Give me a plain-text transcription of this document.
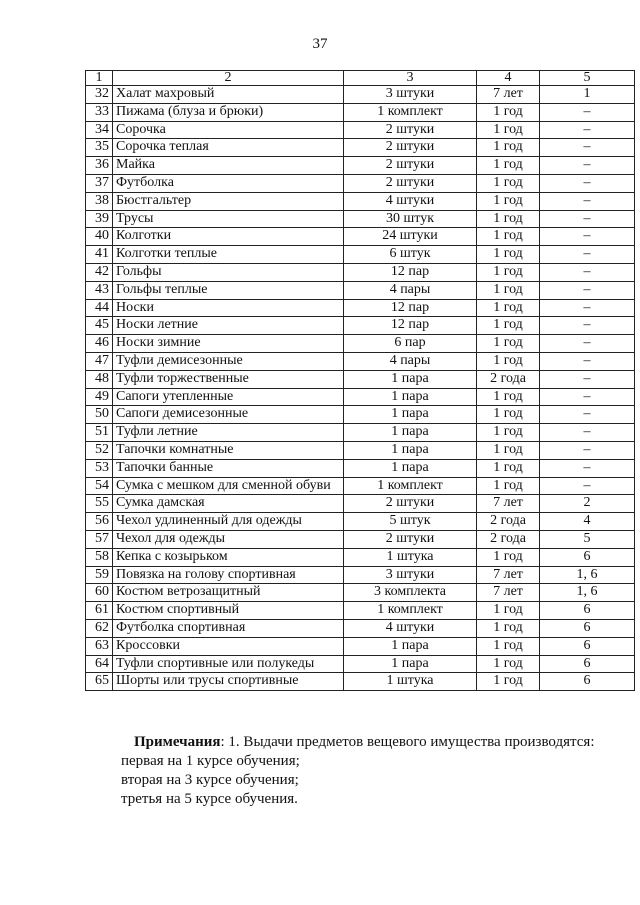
37
1	2	3	4	5
32	Халат махровый	3 штуки	7 лет	1
33	Пижама (блуза и брюки)	1 комплект	1 год	–
34	Сорочка	2 штуки	1 год	–
35	Сорочка теплая	2 штуки	1 год	–
36	Майка	2 штуки	1 год	–
37	Футболка	2 штуки	1 год	–
38	Бюстгальтер	4 штуки	1 год	–
39	Трусы	30 штук	1 год	–
40	Колготки	24 штуки	1 год	–
41	Колготки теплые	6 штук	1 год	–
42	Гольфы	12 пар	1 год	–
43	Гольфы теплые	4 пары	1 год	–
44	Носки	12 пар	1 год	–
45	Носки летние	12 пар	1 год	–
46	Носки зимние	6 пар	1 год	–
47	Туфли демисезонные	4 пары	1 год	–
48	Туфли торжественные	1 пара	2 года	–
49	Сапоги утепленные	1 пара	1 год	–
50	Сапоги демисезонные	1 пара	1 год	–
51	Туфли летние	1 пара	1 год	–
52	Тапочки комнатные	1 пара	1 год	–
53	Тапочки банные	1 пара	1 год	–
54	Сумка с мешком для сменной обуви	1 комплект	1 год	–
55	Сумка дамская	2 штуки	7 лет	2
56	Чехол удлиненный для одежды	5 штук	2 года	4
57	Чехол для одежды	2 штуки	2 года	5
58	Кепка с козырьком	1 штука	1 год	6
59	Повязка на голову спортивная	3 штуки	7 лет	1, 6
60	Костюм ветрозащитный	3 комплекта	7 лет	1, 6
61	Костюм спортивный	1 комплект	1 год	6
62	Футболка спортивная	4 штуки	1 год	6
63	Кроссовки	1 пара	1 год	6
64	Туфли спортивные или полукеды	1 пара	1 год	6
65	Шорты или трусы спортивные	1 штука	1 год	6

Примечания: 1. Выдачи предметов вещевого имущества производятся:

первая на 1 курсе обучения;

вторая на 3 курсе обучения;

третья на 5 курсе обучения.
